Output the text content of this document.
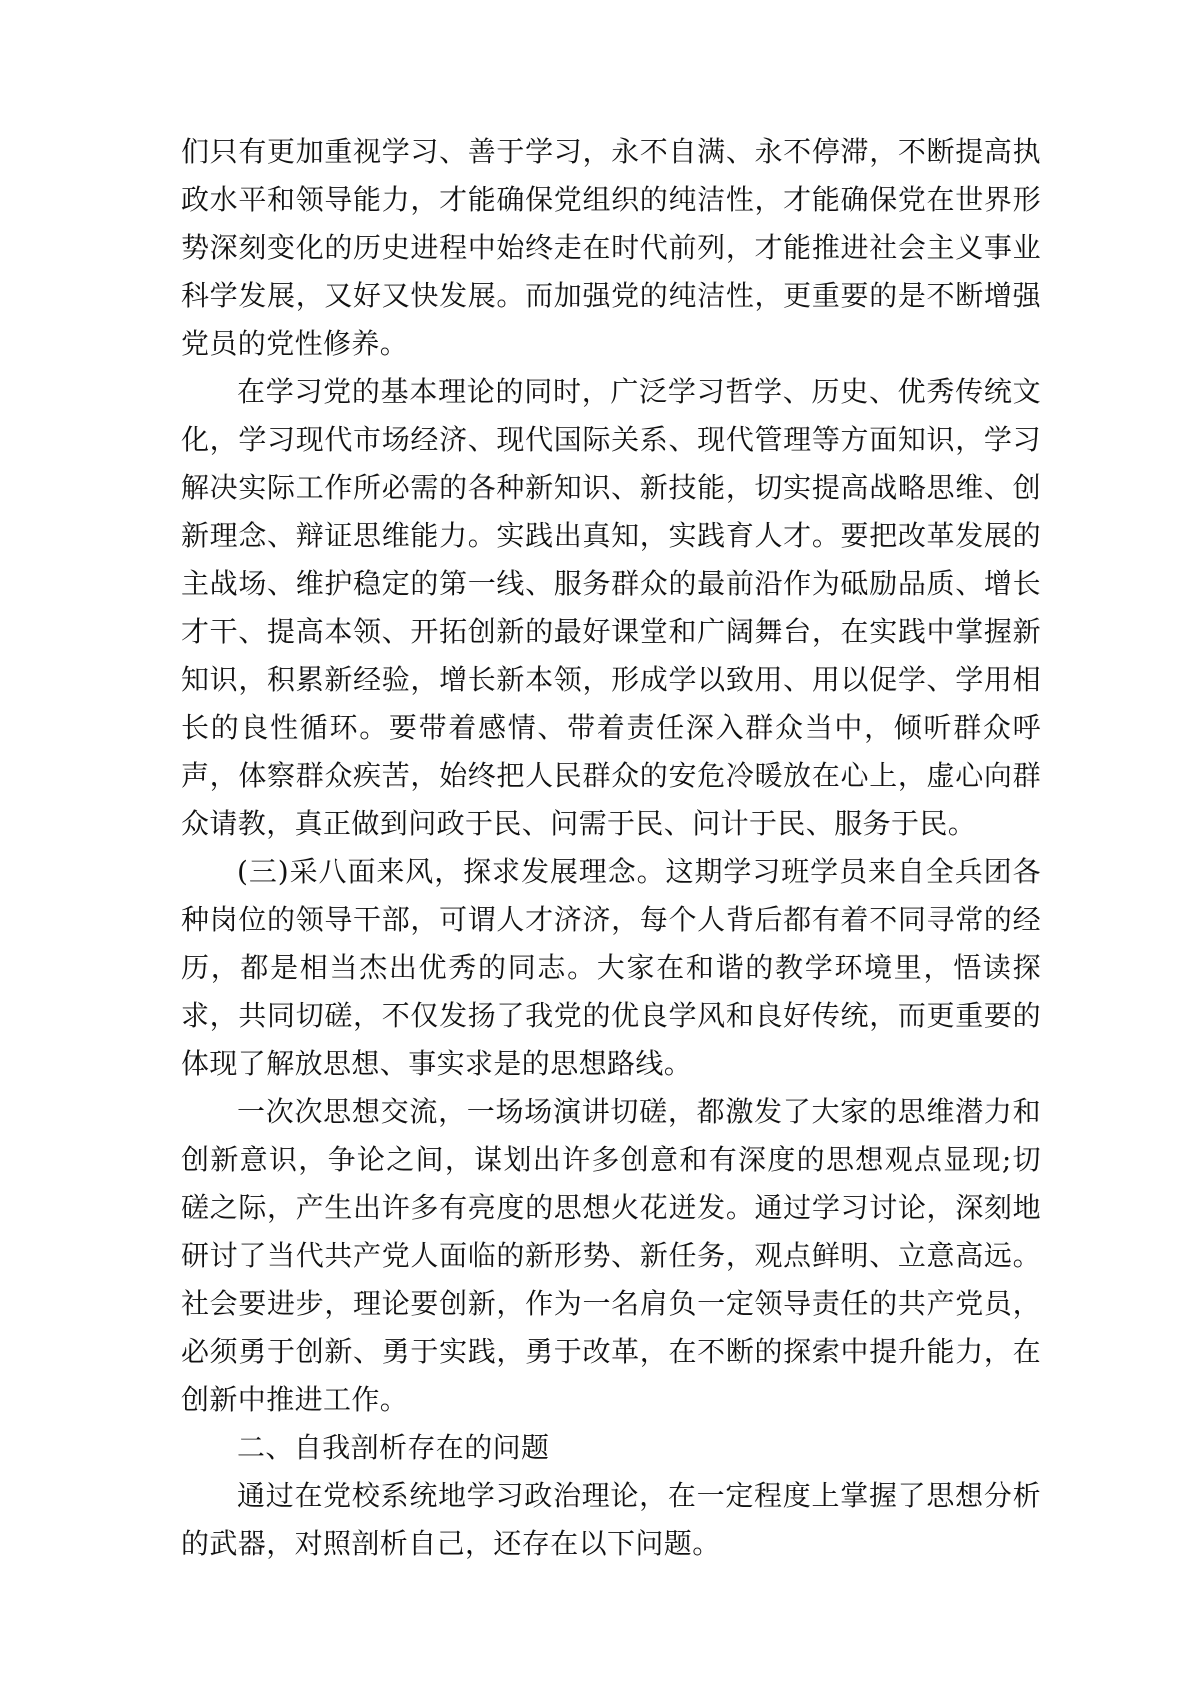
们只有更加重视学习、善于学习，永不自满、永不停滞，不断提高执政水平和领导能力，才能确保党组织的纯洁性，才能确保党在世界形势深刻变化的历史进程中始终走在时代前列，才能推进社会主义事业科学发展，又好又快发展。而加强党的纯洁性，更重要的是不断增强党员的党性修养。

在学习党的基本理论的同时，广泛学习哲学、历史、优秀传统文化，学习现代市场经济、现代国际关系、现代管理等方面知识，学习解决实际工作所必需的各种新知识、新技能，切实提高战略思维、创新理念、辩证思维能力。实践出真知，实践育人才。要把改革发展的主战场、维护稳定的第一线、服务群众的最前沿作为砥励品质、增长才干、提高本领、开拓创新的最好课堂和广阔舞台，在实践中掌握新知识，积累新经验，增长新本领，形成学以致用、用以促学、学用相长的良性循环。要带着感情、带着责任深入群众当中，倾听群众呼声，体察群众疾苦，始终把人民群众的安危冷暖放在心上，虚心向群众请教，真正做到问政于民、问需于民、问计于民、服务于民。

(三)采八面来风，探求发展理念。这期学习班学员来自全兵团各种岗位的领导干部，可谓人才济济，每个人背后都有着不同寻常的经历，都是相当杰出优秀的同志。大家在和谐的教学环境里，悟读探求，共同切磋，不仅发扬了我党的优良学风和良好传统，而更重要的体现了解放思想、事实求是的思想路线。

一次次思想交流，一场场演讲切磋，都激发了大家的思维潜力和创新意识，争论之间，谋划出许多创意和有深度的思想观点显现;切磋之际，产生出许多有亮度的思想火花迸发。通过学习讨论，深刻地研讨了当代共产党人面临的新形势、新任务，观点鲜明、立意高远。社会要进步，理论要创新，作为一名肩负一定领导责任的共产党员，必须勇于创新、勇于实践，勇于改革，在不断的探索中提升能力，在创新中推进工作。

二、自我剖析存在的问题

通过在党校系统地学习政治理论，在一定程度上掌握了思想分析的武器，对照剖析自己，还存在以下问题。
